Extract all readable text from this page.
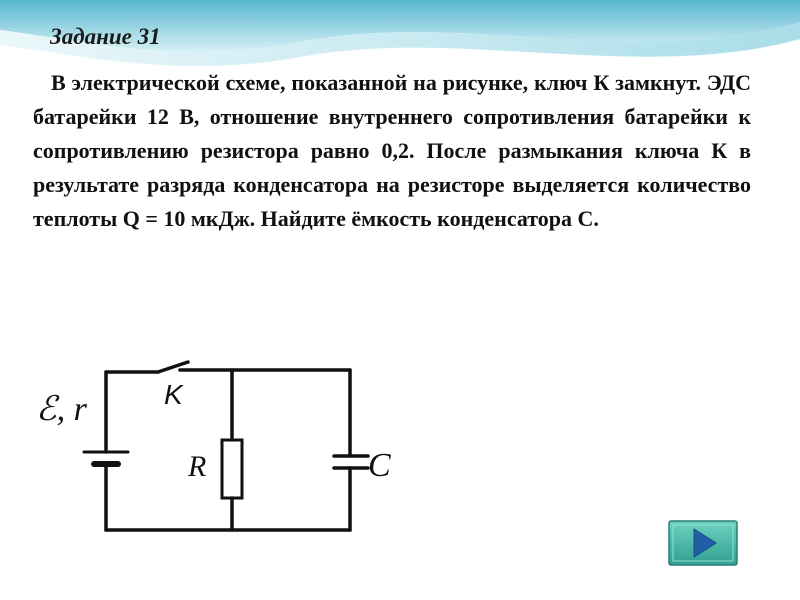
Задание 31
В электрической схеме, показанной на рисунке, ключ К замкнут. ЭДС батарейки 12 В, отношение внутреннего сопротивления батарейки к сопротивлению резистора равно 0,2. После размыкания ключа К в результате разряда конденсатора на резисторе выделяется количество теплоты Q = 10 мкДж. Найдите ёмкость конденсатора С.
ℰ, r	K
R	C
